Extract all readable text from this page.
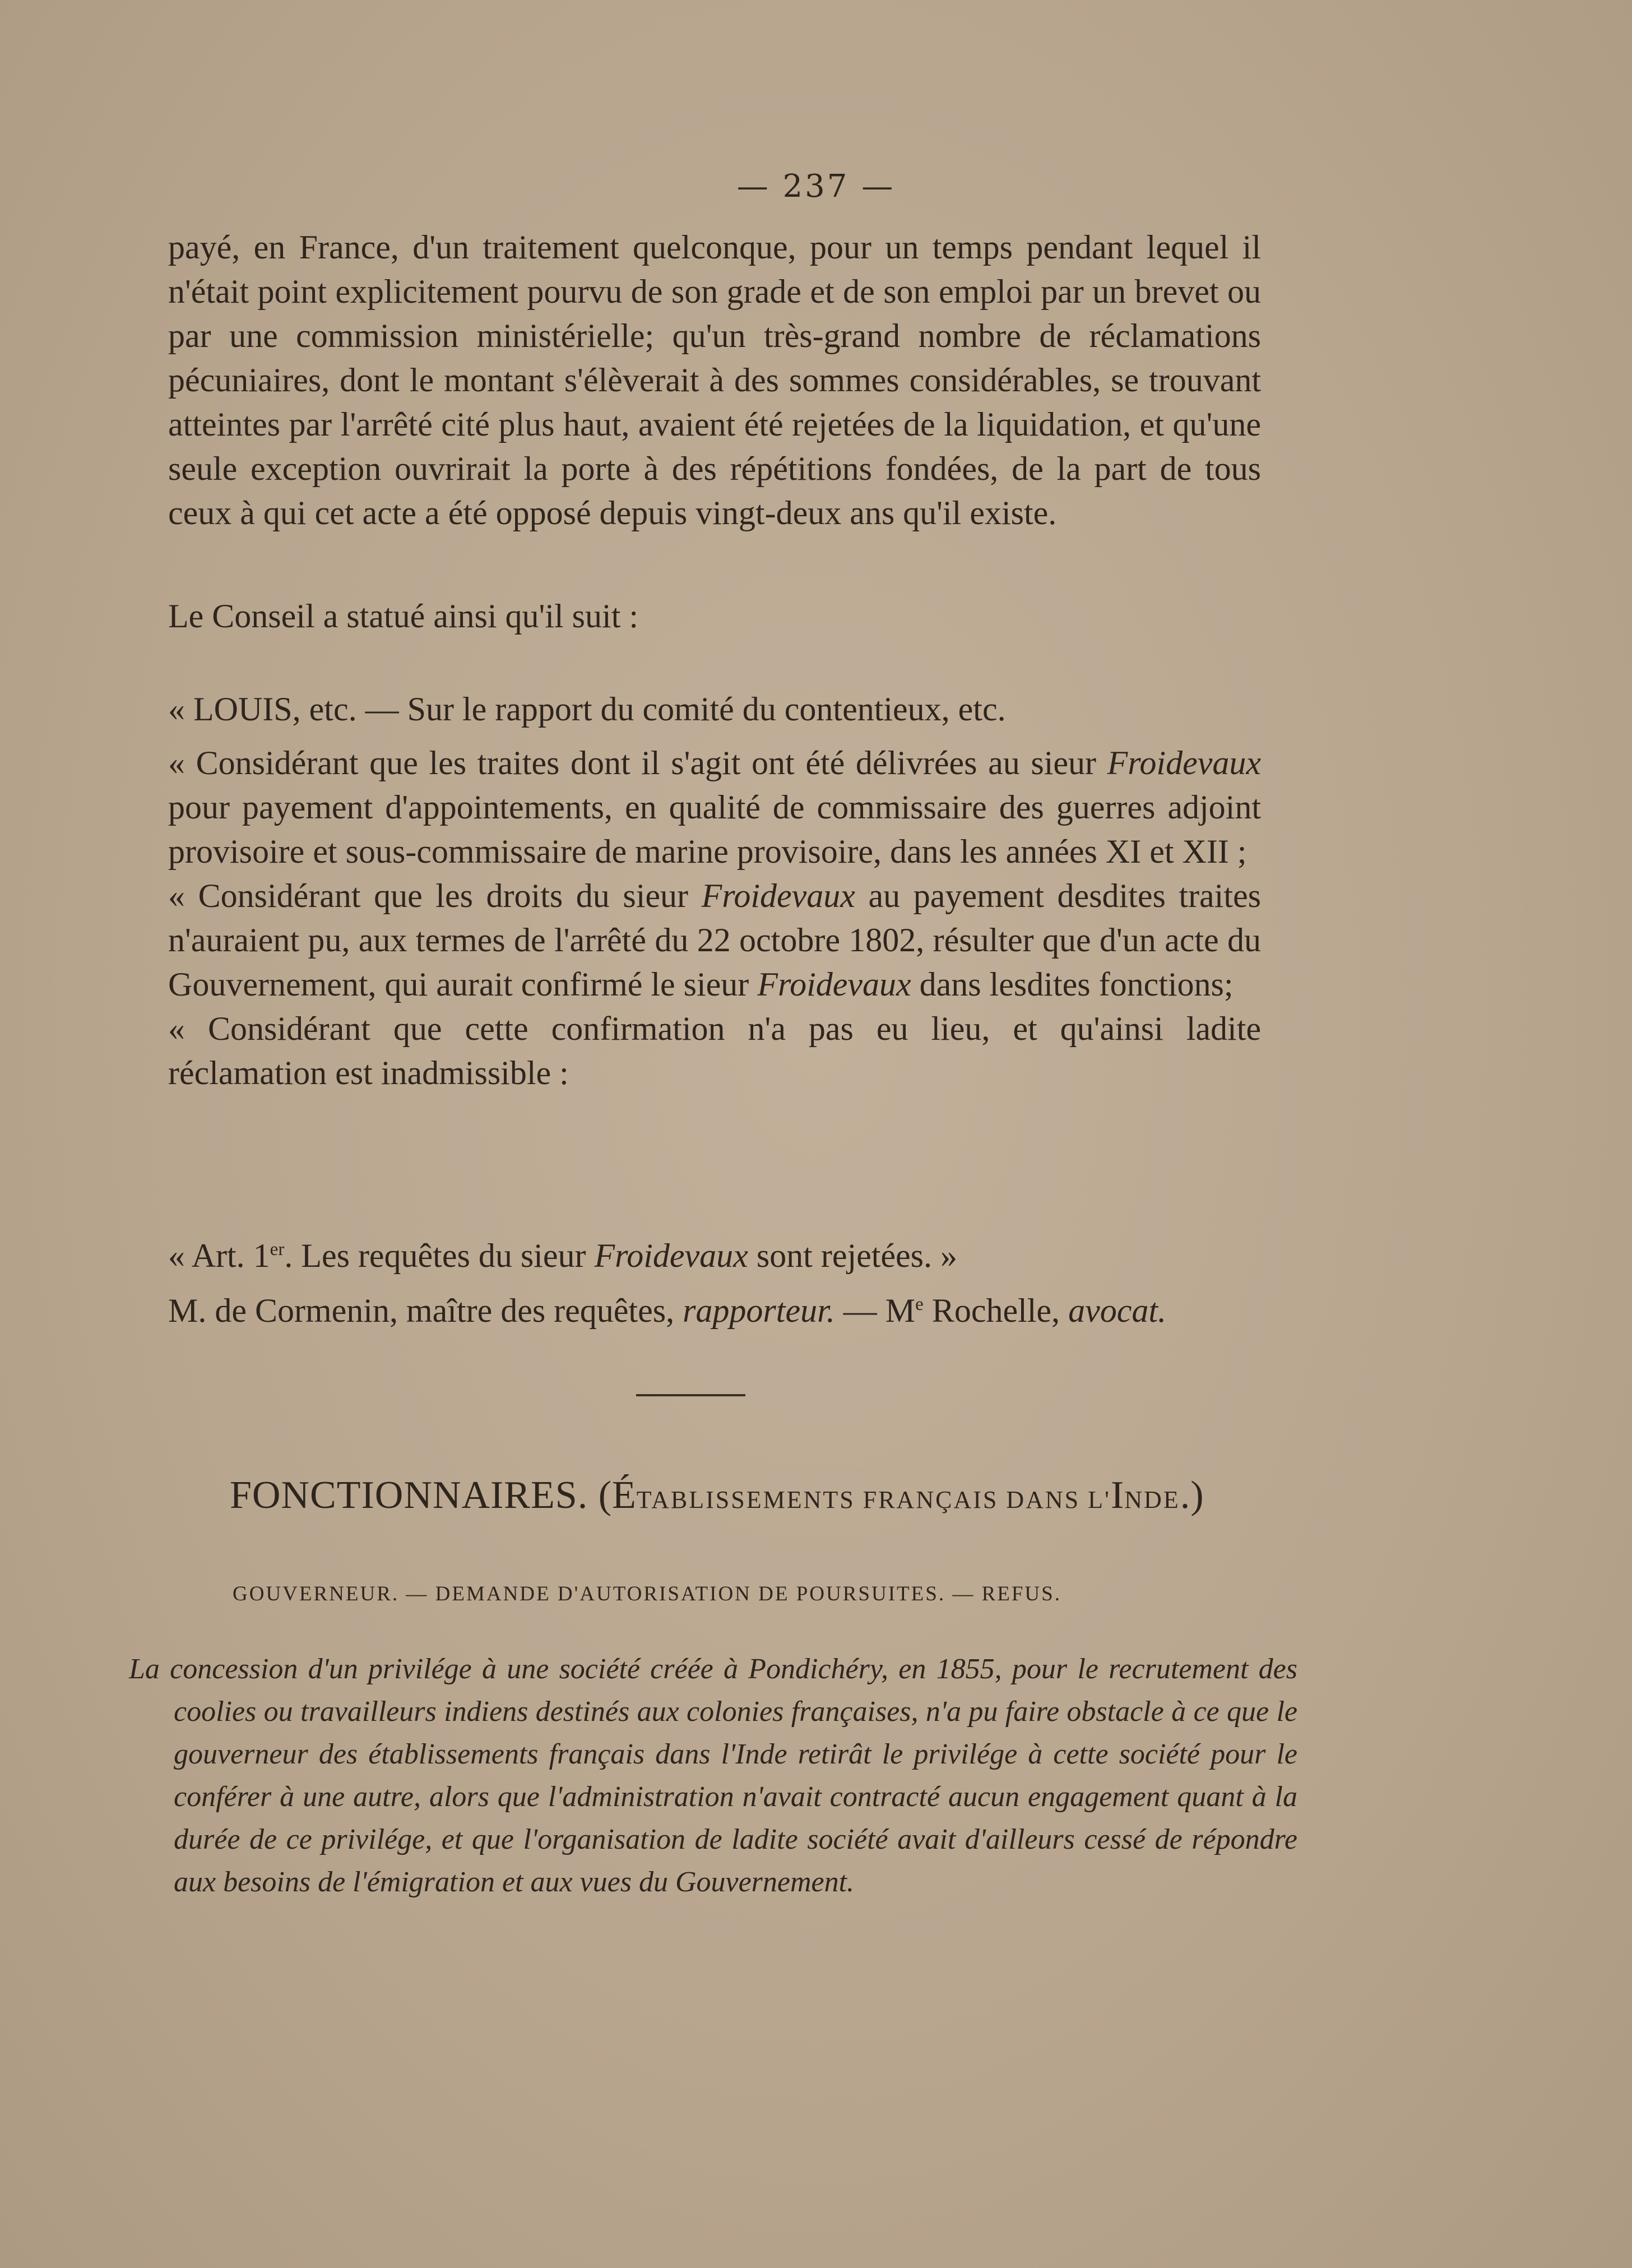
— 237 —

payé, en France, d'un traitement quelconque, pour un temps pendant lequel il n'était point explicitement pourvu de son grade et de son emploi par un brevet ou par une commission ministérielle; qu'un très-grand nombre de réclamations pécuniaires, dont le montant s'élèverait à des sommes considérables, se trouvant atteintes par l'arrêté cité plus haut, avaient été rejetées de la liquidation, et qu'une seule exception ouvrirait la porte à des répétitions fondées, de la part de tous ceux à qui cet acte a été opposé depuis vingt-deux ans qu'il existe.

Le Conseil a statué ainsi qu'il suit :

« LOUIS, etc. — Sur le rapport du comité du contentieux, etc.

« Considérant que les traites dont il s'agit ont été délivrées au sieur Froidevaux pour payement d'appointements, en qualité de commissaire des guerres adjoint provisoire et sous-commissaire de marine provisoire, dans les années XI et XII ;

« Considérant que les droits du sieur Froidevaux au payement desdites traites n'auraient pu, aux termes de l'arrêté du 22 octobre 1802, résulter que d'un acte du Gouvernement, qui aurait confirmé le sieur Froidevaux dans lesdites fonctions;

« Considérant que cette confirmation n'a pas eu lieu, et qu'ainsi ladite réclamation est inadmissible :

« Art. 1er. Les requêtes du sieur Froidevaux sont rejetées. »

M. de Cormenin, maître des requêtes, rapporteur. — Me Rochelle, avocat.

FONCTIONNAIRES. (ÉTABLISSEMENTS FRANÇAIS DANS L'INDE.)
GOUVERNEUR. — DEMANDE D'AUTORISATION DE POURSUITES. — REFUS.
La concession d'un privilége à une société créée à Pondichéry, en 1855, pour le recrutement des coolies ou travailleurs indiens destinés aux colonies françaises, n'a pu faire obstacle à ce que le gouverneur des établissements français dans l'Inde retirât le privilége à cette société pour le conférer à une autre, alors que l'administration n'avait contracté aucun engagement quant à la durée de ce privilége, et que l'organisation de ladite société avait d'ailleurs cessé de répondre aux besoins de l'émigration et aux vues du Gouvernement.
